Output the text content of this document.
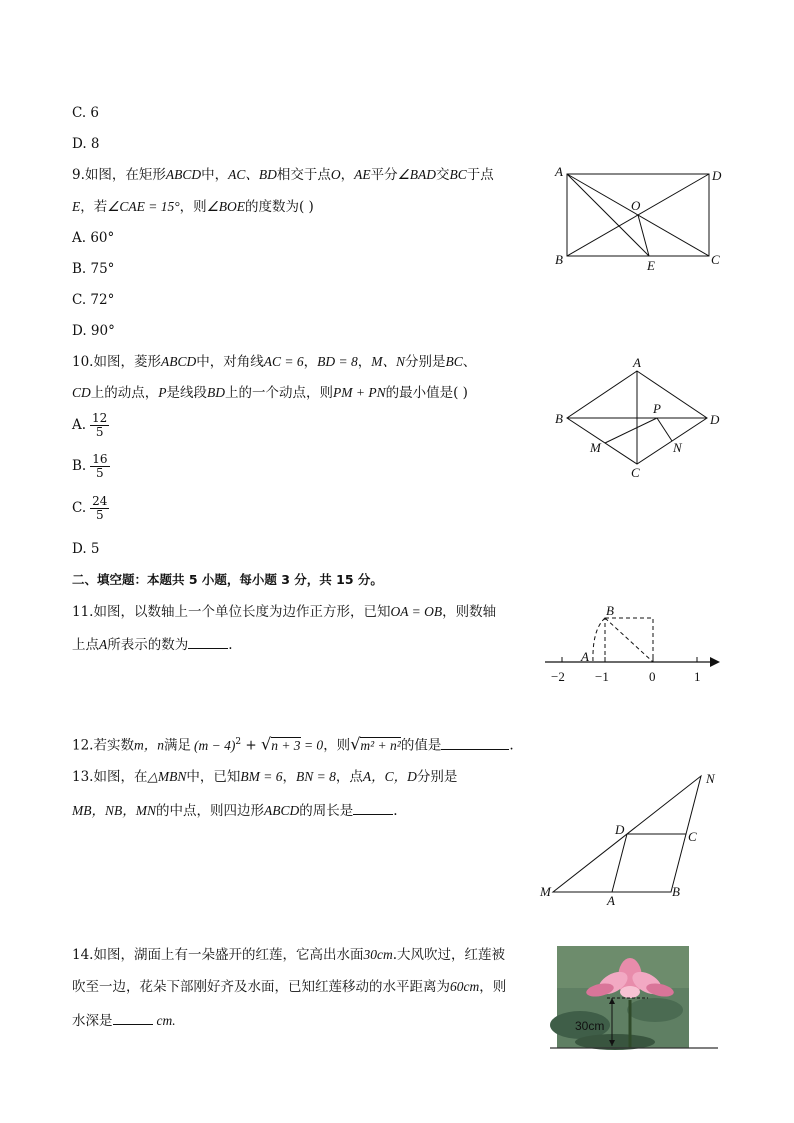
C. 6
D. 8
9.如图，在矩形ABCD中，AC、BD相交于点O，AE平分∠BAD交BC于点
E，若∠CAE = 15°，则∠BOE的度数为( )
A. 60°
B. 75°
C. 72°
D. 90°
A	D
B	C
O
E
10.如图，菱形ABCD中，对角线AC = 6，BD = 8，M、N分别是BC、
CD上的动点，P是线段BD上的一个动点，则PM + PN的最小值是( )
A. $\frac{12}{5}$
B. $\frac{16}{5}$
C. $\frac{24}{5}$
D. 5
A
B	D
C
P
M	N
二、填空题：本题共 5 小题，每小题 3 分，共 15 分。
11.如图，以数轴上一个单位长度为边作正方形，已知OA = OB，则数轴
上点A所表示的数为	.
B
A
−2 −1	0	1
12.若实数m，n满足 $(m - 4)^2 + √n + 3 = 0$，则√m² + n²的值是	.
13.如图，在△MBN中，已知BM = 6，BN = 8，点A，C，D分别是
MB，NB，MN的中点，则四边形ABCD的周长是	.
M
A
B
C
D
N
14.如图，湖面上有一朵盛开的红莲，它高出水面30cm.大风吹过，红莲被
吹至一边，花朵下部刚好齐及水面，已知红莲移动的水平距离为60cm，则
水深是	cm.	30cm
